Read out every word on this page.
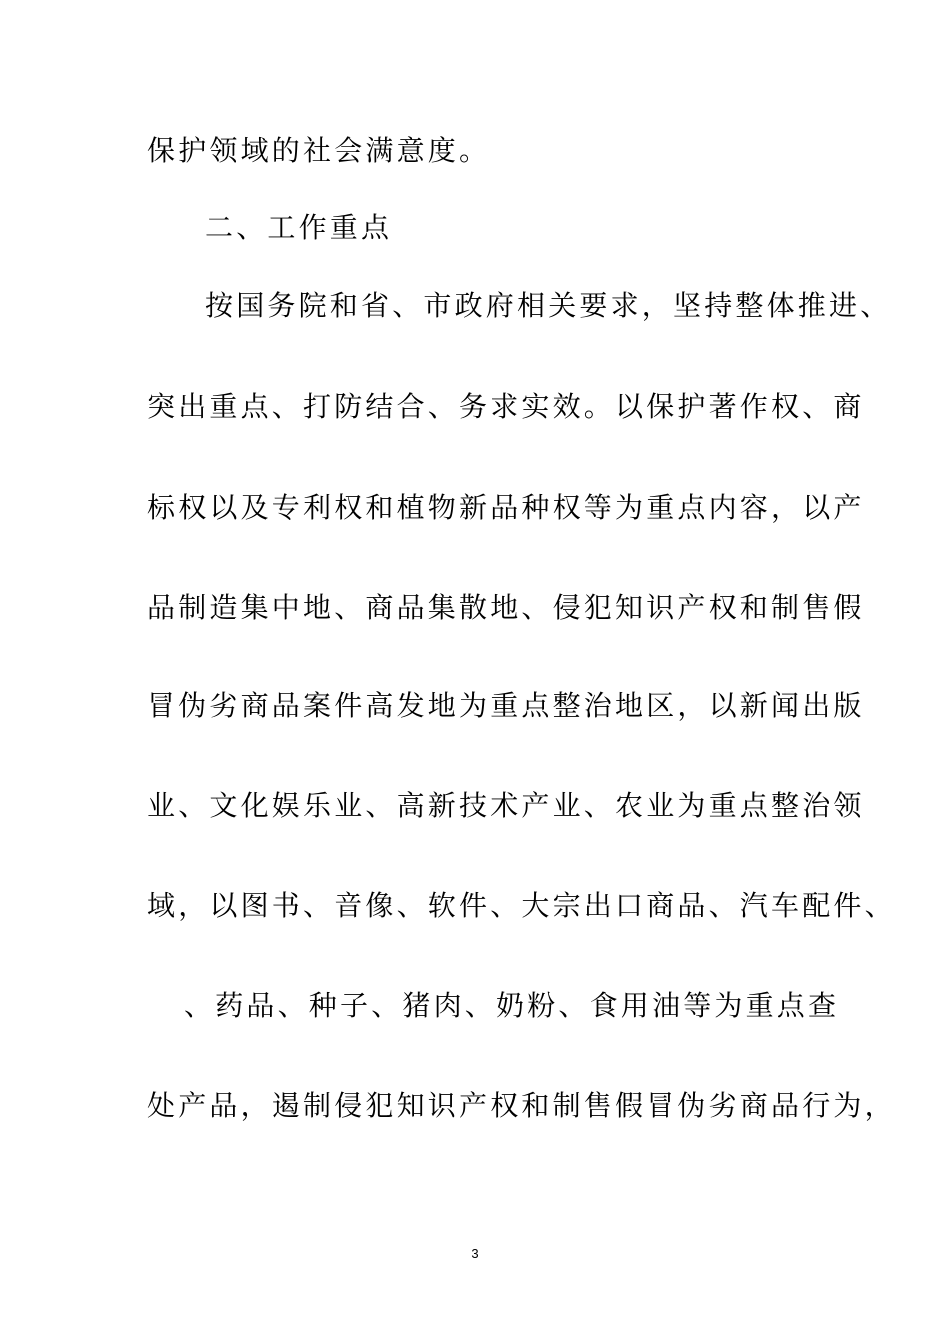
保护领域的社会满意度。
二、工作重点
按国务院和省、市政府相关要求，坚持整体推进、
突出重点、打防结合、务求实效。以保护著作权、商
标权以及专利权和植物新品种权等为重点内容，以产
品制造集中地、商品集散地、侵犯知识产权和制售假
冒伪劣商品案件高发地为重点整治地区，以新闻出版
业、文化娱乐业、高新技术产业、农业为重点整治领
域，以图书、音像、软件、大宗出口商品、汽车配件、
、药品、种子、猪肉、奶粉、食用油等为重点查
处产品，遏制侵犯知识产权和制售假冒伪劣商品行为，
3
